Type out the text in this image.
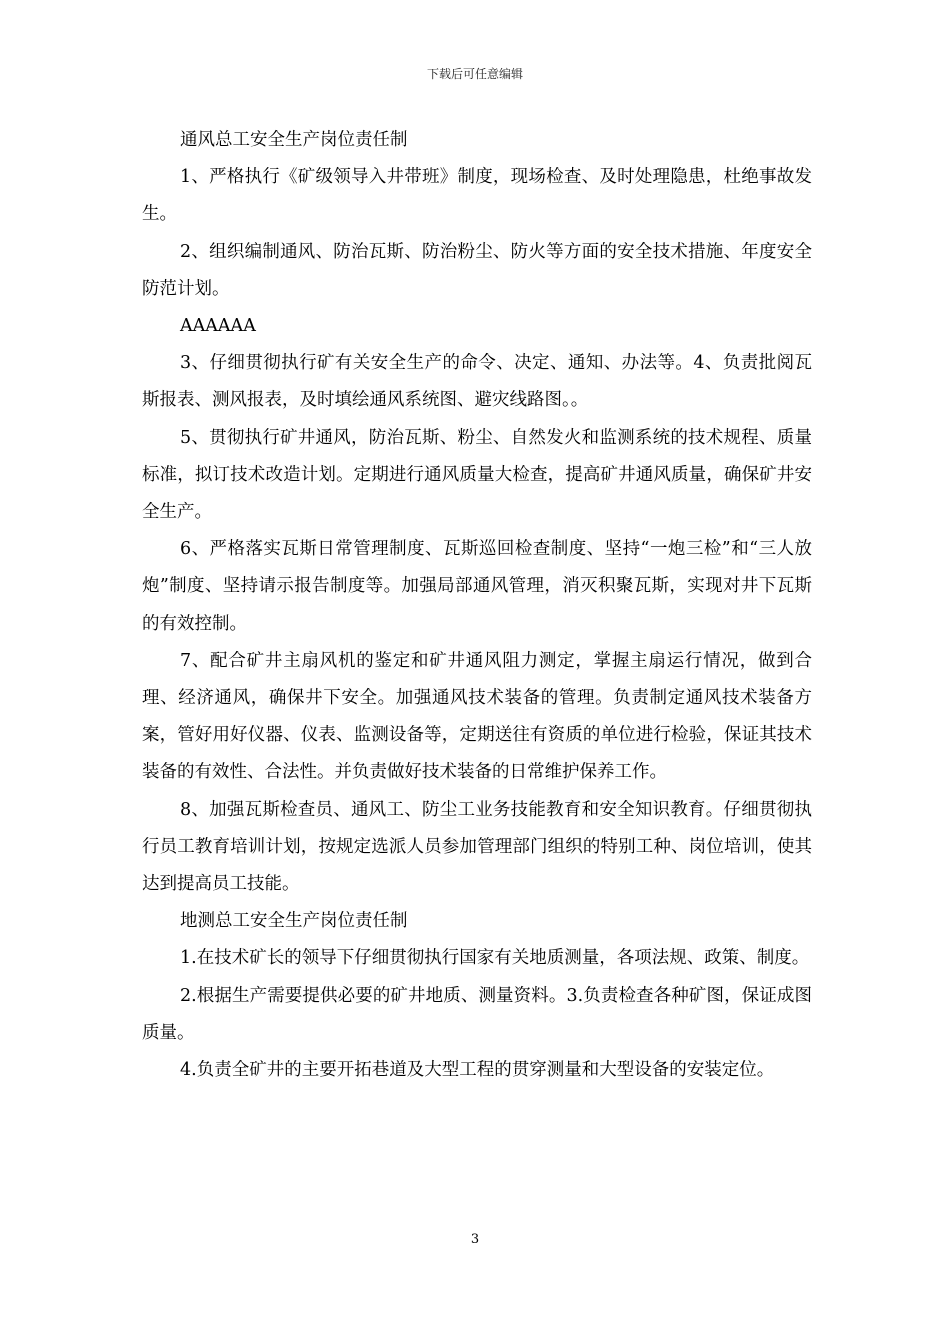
下载后可任意编辑

通风总工安全生产岗位责任制

1、严格执行《矿级领导入井带班》制度，现场检查、及时处理隐患，杜绝事故发生。

2、组织编制通风、防治瓦斯、防治粉尘、防火等方面的安全技术措施、年度安全防范计划。

AAAAAA

3、仔细贯彻执行矿有关安全生产的命令、决定、通知、办法等。4、负责批阅瓦斯报表、测风报表，及时填绘通风系统图、避灾线路图。。

5、贯彻执行矿井通风，防治瓦斯、粉尘、自然发火和监测系统的技术规程、质量标准，拟订技术改造计划。定期进行通风质量大检查，提高矿井通风质量，确保矿井安全生产。

6、严格落实瓦斯日常管理制度、瓦斯巡回检查制度、坚持“一炮三检”和“三人放炮”制度、坚持请示报告制度等。加强局部通风管理，消灭积聚瓦斯，实现对井下瓦斯的有效控制。

7、配合矿井主扇风机的鉴定和矿井通风阻力测定，掌握主扇运行情况，做到合理、经济通风，确保井下安全。加强通风技术装备的管理。负责制定通风技术装备方案，管好用好仪器、仪表、监测设备等，定期送往有资质的单位进行检验，保证其技术装备的有效性、合法性。并负责做好技术装备的日常维护保养工作。

8、加强瓦斯检查员、通风工、防尘工业务技能教育和安全知识教育。仔细贯彻执行员工教育培训计划，按规定选派人员参加管理部门组织的特别工种、岗位培训，使其达到提高员工技能。

地测总工安全生产岗位责任制

1.在技术矿长的领导下仔细贯彻执行国家有关地质测量，各项法规、政策、制度。

2.根据生产需要提供必要的矿井地质、测量资料。3.负责检查各种矿图，保证成图质量。

4.负责全矿井的主要开拓巷道及大型工程的贯穿测量和大型设备的安装定位。

3
